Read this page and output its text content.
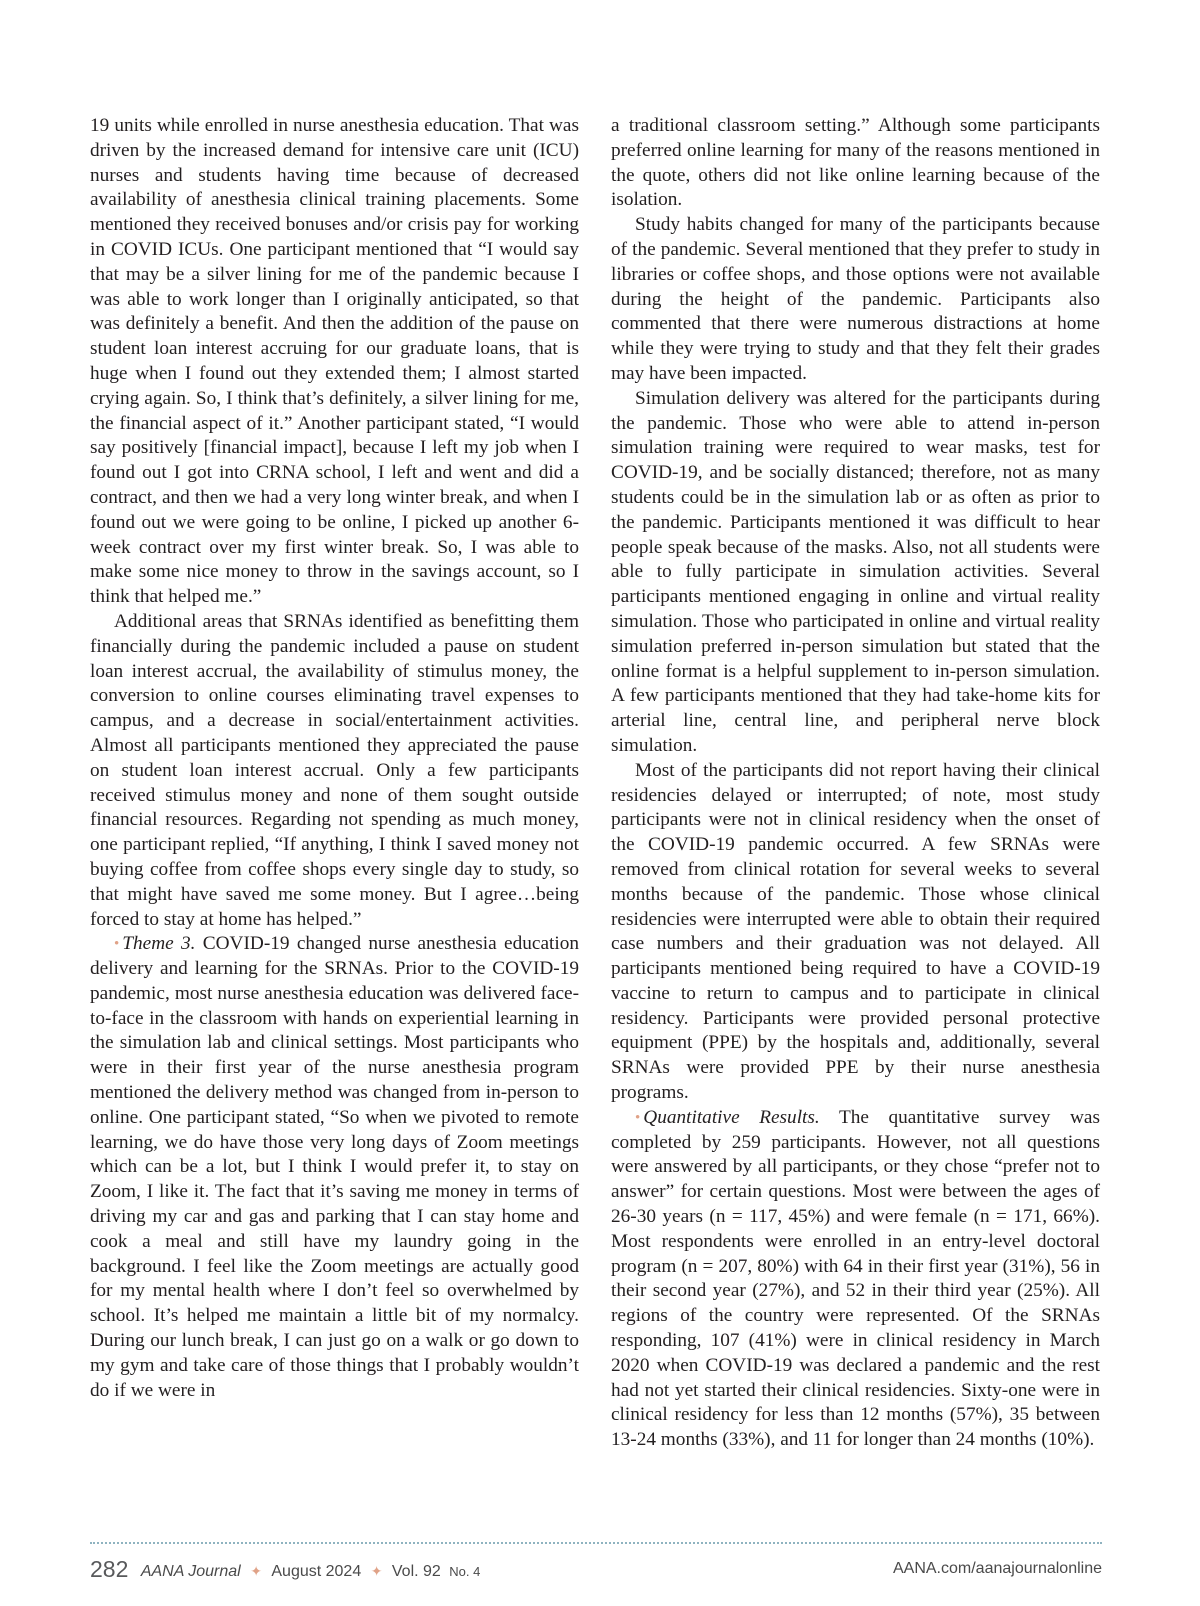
19 units while enrolled in nurse anesthesia education. That was driven by the increased demand for intensive care unit (ICU) nurses and students having time because of decreased availability of anesthesia clinical training placements. Some mentioned they received bonuses and/or crisis pay for working in COVID ICUs. One participant mentioned that “I would say that may be a silver lining for me of the pandemic because I was able to work longer than I originally anticipated, so that was definitely a benefit. And then the addition of the pause on student loan interest accruing for our graduate loans, that is huge when I found out they extended them; I almost started crying again. So, I think that’s definitely, a silver lining for me, the financial aspect of it.” Another participant stated, “I would say positively [financial impact], because I left my job when I found out I got into CRNA school, I left and went and did a contract, and then we had a very long winter break, and when I found out we were going to be online, I picked up another 6-week contract over my first winter break. So, I was able to make some nice money to throw in the savings account, so I think that helped me.”

Additional areas that SRNAs identified as benefitting them financially during the pandemic included a pause on student loan interest accrual, the availability of stimulus money, the conversion to online courses eliminating travel expenses to campus, and a decrease in social/entertainment activities. Almost all participants mentioned they appreciated the pause on student loan interest accrual. Only a few participants received stimulus money and none of them sought outside financial resources. Regarding not spending as much money, one participant replied, “If anything, I think I saved money not buying coffee from coffee shops every single day to study, so that might have saved me some money. But I agree…being forced to stay at home has helped.”

• Theme 3. COVID-19 changed nurse anesthesia education delivery and learning for the SRNAs. Prior to the COVID-19 pandemic, most nurse anesthesia education was delivered face-to-face in the classroom with hands on experiential learning in the simulation lab and clinical settings. Most participants who were in their first year of the nurse anesthesia program mentioned the delivery method was changed from in-person to online. One participant stated, “So when we pivoted to remote learning, we do have those very long days of Zoom meetings which can be a lot, but I think I would prefer it, to stay on Zoom, I like it. The fact that it’s saving me money in terms of driving my car and gas and parking that I can stay home and cook a meal and still have my laundry going in the background. I feel like the Zoom meetings are actually good for my mental health where I don’t feel so overwhelmed by school. It’s helped me maintain a little bit of my normalcy. During our lunch break, I can just go on a walk or go down to my gym and take care of those things that I probably wouldn’t do if we were in

a traditional classroom setting.” Although some participants preferred online learning for many of the reasons mentioned in the quote, others did not like online learning because of the isolation.

Study habits changed for many of the participants because of the pandemic. Several mentioned that they prefer to study in libraries or coffee shops, and those options were not available during the height of the pandemic. Participants also commented that there were numerous distractions at home while they were trying to study and that they felt their grades may have been impacted.

Simulation delivery was altered for the participants during the pandemic. Those who were able to attend in-person simulation training were required to wear masks, test for COVID-19, and be socially distanced; therefore, not as many students could be in the simulation lab or as often as prior to the pandemic. Participants mentioned it was difficult to hear people speak because of the masks. Also, not all students were able to fully participate in simulation activities. Several participants mentioned engaging in online and virtual reality simulation. Those who participated in online and virtual reality simulation preferred in-person simulation but stated that the online format is a helpful supplement to in-person simulation. A few participants mentioned that they had take-home kits for arterial line, central line, and peripheral nerve block simulation.

Most of the participants did not report having their clinical residencies delayed or interrupted; of note, most study participants were not in clinical residency when the onset of the COVID-19 pandemic occurred. A few SRNAs were removed from clinical rotation for several weeks to several months because of the pandemic. Those whose clinical residencies were interrupted were able to obtain their required case numbers and their graduation was not delayed. All participants mentioned being required to have a COVID-19 vaccine to return to campus and to participate in clinical residency. Participants were provided personal protective equipment (PPE) by the hospitals and, additionally, several SRNAs were provided PPE by their nurse anesthesia programs.

• Quantitative Results. The quantitative survey was completed by 259 participants. However, not all questions were answered by all participants, or they chose “prefer not to answer” for certain questions. Most were between the ages of 26-30 years (n = 117, 45%) and were female (n = 171, 66%). Most respondents were enrolled in an entry-level doctoral program (n = 207, 80%) with 64 in their first year (31%), 56 in their second year (27%), and 52 in their third year (25%). All regions of the country were represented. Of the SRNAs responding, 107 (41%) were in clinical residency in March 2020 when COVID-19 was declared a pandemic and the rest had not yet started their clinical residencies. Sixty-one were in clinical residency for less than 12 months (57%), 35 between 13-24 months (33%), and 11 for longer than 24 months (10%).

282 AANA Journal ✦ August 2024 ✦ Vol. 92 No. 4	AANA.com/aanajournalonline
